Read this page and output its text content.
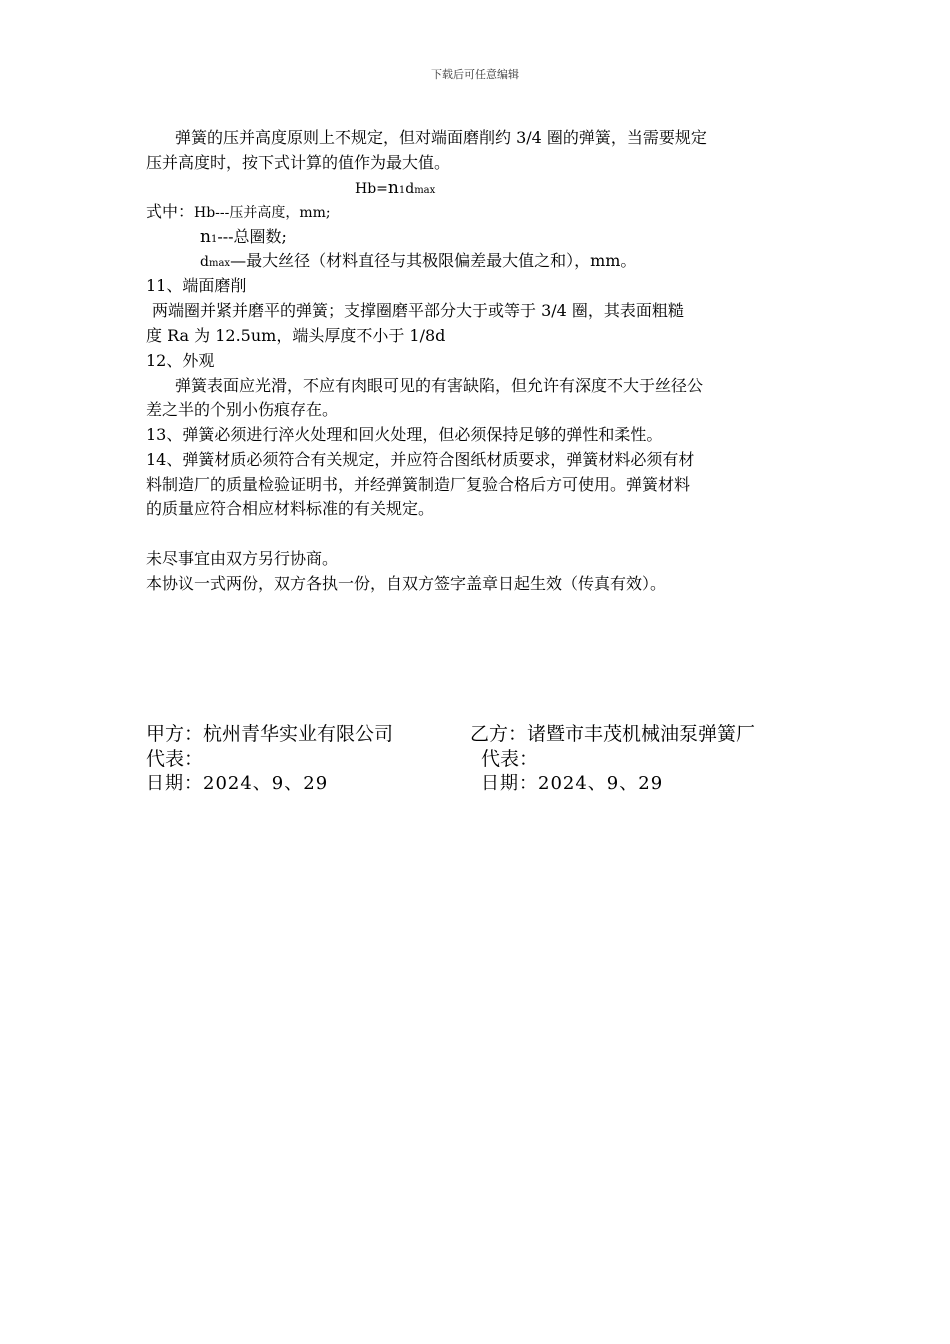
下载后可任意编辑
弹簧的压并高度原则上不规定，但对端面磨削约 3/4 圈的弹簧，当需要规定
压并高度时，按下式计算的值作为最大值。
Hb=n1dmax
式中：Hb---压并高度，mm;
n1---总圈数;
dmax—最大丝径（材料直径与其极限偏差最大值之和），mm。
11、端面磨削
两端圈并紧并磨平的弹簧；支撑圈磨平部分大于或等于 3/4 圈，其表面粗糙
度 Ra 为 12.5um，端头厚度不小于 1/8d
12、外观
弹簧表面应光滑，不应有肉眼可见的有害缺陷，但允许有深度不大于丝径公
差之半的个别小伤痕存在。
13、弹簧必须进行淬火处理和回火处理，但必须保持足够的弹性和柔性。
14、弹簧材质必须符合有关规定，并应符合图纸材质要求，弹簧材料必须有材
料制造厂的质量检验证明书，并经弹簧制造厂复验合格后方可使用。弹簧材料
的质量应符合相应材料标准的有关规定。
未尽事宜由双方另行协商。
本协议一式两份，双方各执一份，自双方签字盖章日起生效（传真有效）。
甲方：杭州青华实业有限公司	乙方：诸暨市丰茂机械油泵弹簧厂
代表：	代表：
日期：2024、9、29	日期：2024、9、29
